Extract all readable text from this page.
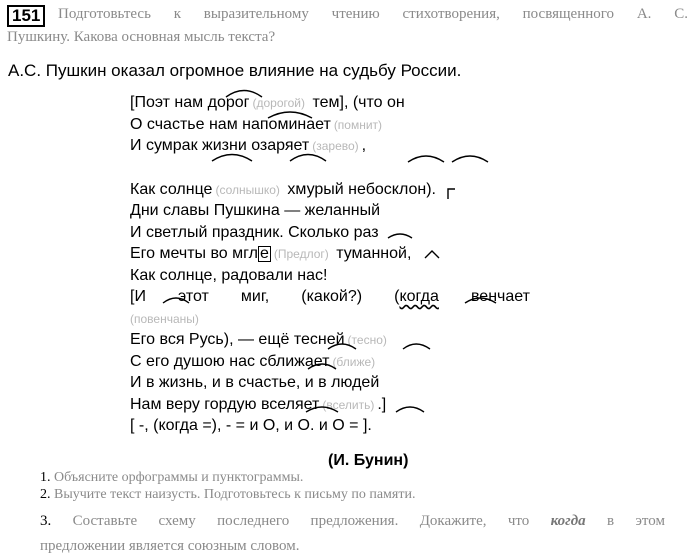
151	Подготовьтесь к выразительному чтению стихотворения, посвященного А. С.
Пушкину. Какова основная мысль текста?
А.С. Пушкин оказал огромное влияние на судьбу России.
[Поэт нам дорог (дорогой) тем], (что он
О счастье нам напоминает (помнит)
И сумрак жизни озаряет (зарево) ,
Как солнце (солнышко) хмурый небосклон).
Дни славы Пушкина — желанный
И светлый праздник. Сколько раз
Его мечты во мгл е (Предлог) туманной,
Как солнце, радовали нас!
[И этот миг, (какой?) (когда венчает
(повенчаны)
Его вся Русь), — ещё тесней (тесно)
С его душою нас сближает (ближе)
И в жизнь, и в счастье, и в людей
Нам веру гордую вселяет (вселить) .]
[ -, (когда =), - = и О, и О. и О = ].
(И. Бунин)
1. Объясните орфограммы и пунктограммы.
2. Выучите текст наизусть. Подготовьтесь к письму по памяти.
3. Составьте схему последнего предложения. Докажите, что когда в этом
предложении является союзным словом.
